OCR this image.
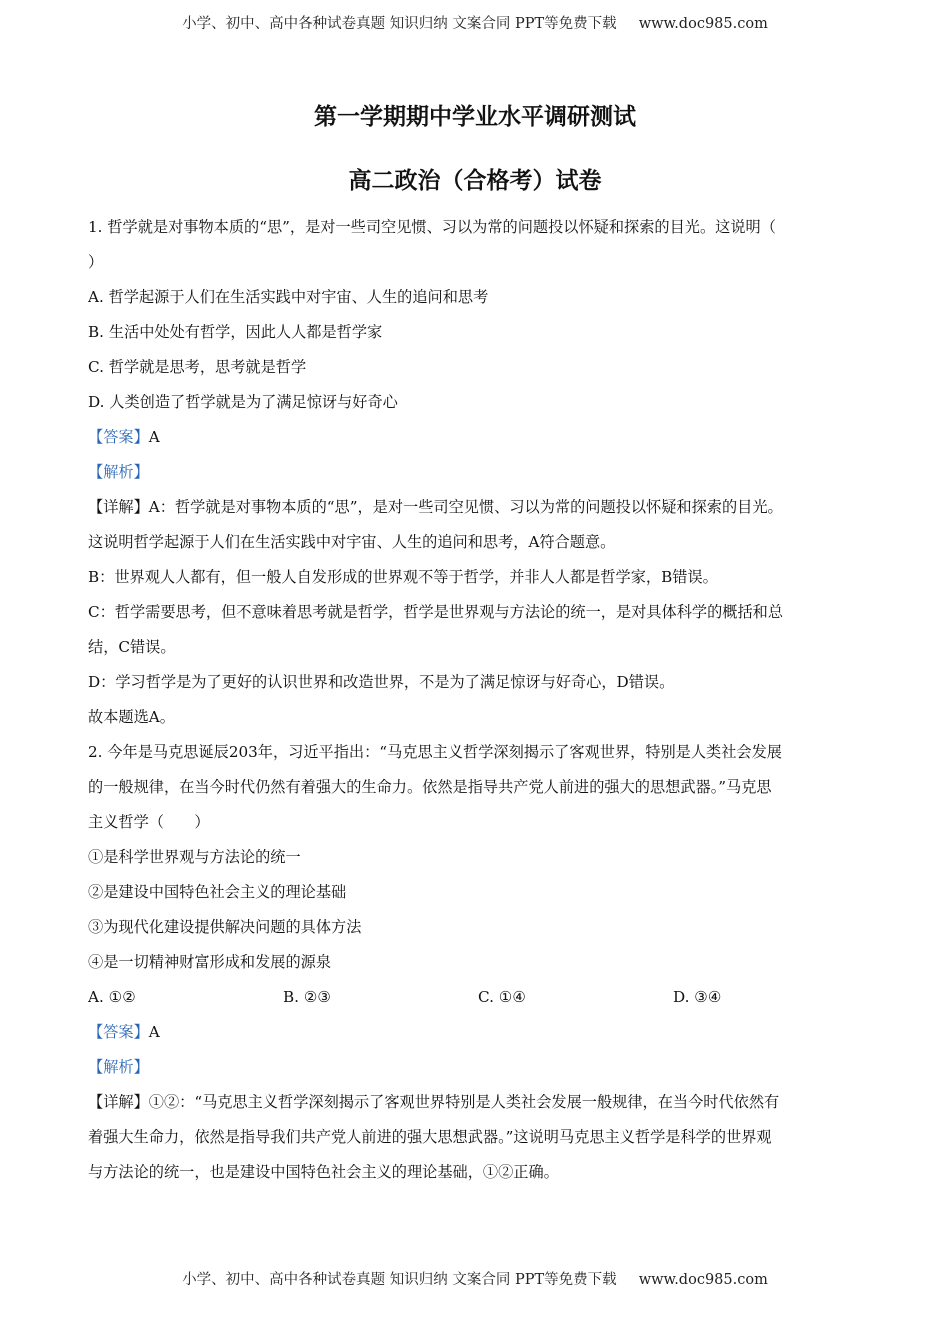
小学、初中、高中各种试卷真题 知识归纳 文案合同 PPT等免费下载 www.doc985.com
第一学期期中学业水平调研测试
高二政治（合格考）试卷
1. 哲学就是对事物本质的“思”，是对一些司空见惯、习以为常的问题投以怀疑和探索的目光。这说明（
）
A. 哲学起源于人们在生活实践中对宇宙、人生的追问和思考
B. 生活中处处有哲学，因此人人都是哲学家
C. 哲学就是思考，思考就是哲学
D. 人类创造了哲学就是为了满足惊讶与好奇心
【答案】A
【解析】
【详解】A：哲学就是对事物本质的“思”，是对一些司空见惯、习以为常的问题投以怀疑和探索的目光。
这说明哲学起源于人们在生活实践中对宇宙、人生的追问和思考，A符合题意。
B：世界观人人都有，但一般人自发形成的世界观不等于哲学，并非人人都是哲学家，B错误。
C：哲学需要思考，但不意味着思考就是哲学，哲学是世界观与方法论的统一，是对具体科学的概括和总
结，C错误。
D：学习哲学是为了更好的认识世界和改造世界，不是为了满足惊讶与好奇心，D错误。
故本题选A。
2. 今年是马克思诞辰203年，习近平指出：“马克思主义哲学深刻揭示了客观世界，特别是人类社会发展
的一般规律，在当今时代仍然有着强大的生命力。依然是指导共产党人前进的强大的思想武器。”马克思
主义哲学（　　）
①是科学世界观与方法论的统一
②是建设中国特色社会主义的理论基础
③为现代化建设提供解决问题的具体方法
④是一切精神财富形成和发展的源泉
A. ①②	B. ②③	C. ①④	D. ③④
【答案】A
【解析】
【详解】①②：“马克思主义哲学深刻揭示了客观世界特别是人类社会发展一般规律，在当今时代依然有
着强大生命力，依然是指导我们共产党人前进的强大思想武器。”这说明马克思主义哲学是科学的世界观
与方法论的统一，也是建设中国特色社会主义的理论基础，①②正确。
小学、初中、高中各种试卷真题 知识归纳 文案合同 PPT等免费下载 www.doc985.com
